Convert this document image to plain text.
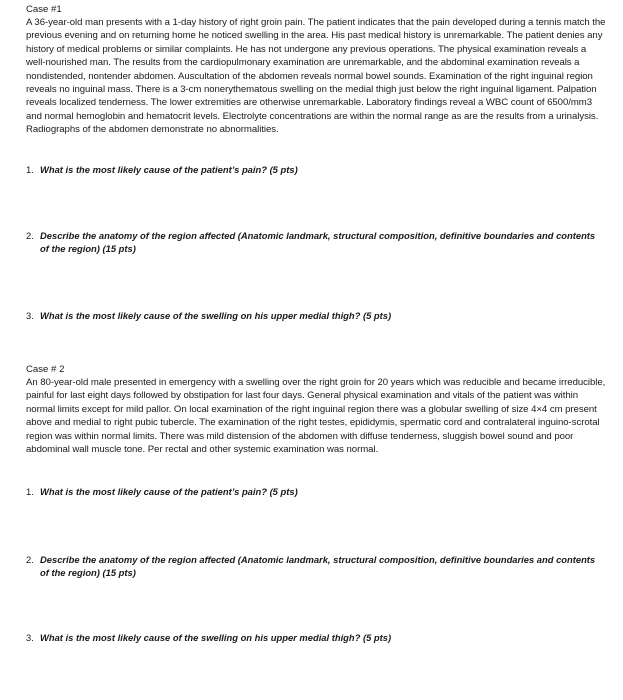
Case #1

A 36-year-old man presents with a 1-day history of right groin pain. The patient indicates that the pain developed during a tennis match the previous evening and on returning home he noticed swelling in the area. His past medical history is unremarkable. The patient denies any history of medical problems or similar complaints. He has not undergone any previous operations. The physical examination reveals a well-nourished man. The results from the cardiopulmonary examination are unremarkable, and the abdominal examination reveals a nondistended, nontender abdomen. Auscultation of the abdomen reveals normal bowel sounds. Examination of the right inguinal region reveals no inguinal mass. There is a 3-cm nonerythematous swelling on the medial thigh just below the right inguinal ligament. Palpation reveals localized tenderness. The lower extremities are otherwise unremarkable. Laboratory findings reveal a WBC count of 6500/mm3 and normal hemoglobin and hematocrit levels. Electrolyte concentrations are within the normal range as are the results from a urinalysis. Radiographs of the abdomen demonstrate no abnormalities.

1. What is the most likely cause of the patient’s pain? (5 pts)
2. Describe the anatomy of the region affected (Anatomic landmark, structural composition, definitive boundaries and contents of the region) (15 pts)
3. What is the most likely cause of the swelling on his upper medial thigh? (5 pts)

Case # 2

An 80-year-old male presented in emergency with a swelling over the right groin for 20 years which was reducible and became irreducible, painful for last eight days followed by obstipation for last four days. General physical examination and vitals of the patient was within normal limits except for mild pallor. On local examination of the right inguinal region there was a globular swelling of size 4×4 cm present above and medial to right pubic tubercle. The examination of the right testes, epididymis, spermatic cord and contralateral inguino-scrotal region was within normal limits. There was mild distension of the abdomen with diffuse tenderness, sluggish bowel sound and poor abdominal wall muscle tone. Per rectal and other systemic examination was normal.

1. What is the most likely cause of the patient’s pain? (5 pts)
2. Describe the anatomy of the region affected (Anatomic landmark, structural composition, definitive boundaries and contents of the region) (15 pts)
3. What is the most likely cause of the swelling on his upper medial thigh? (5 pts)
